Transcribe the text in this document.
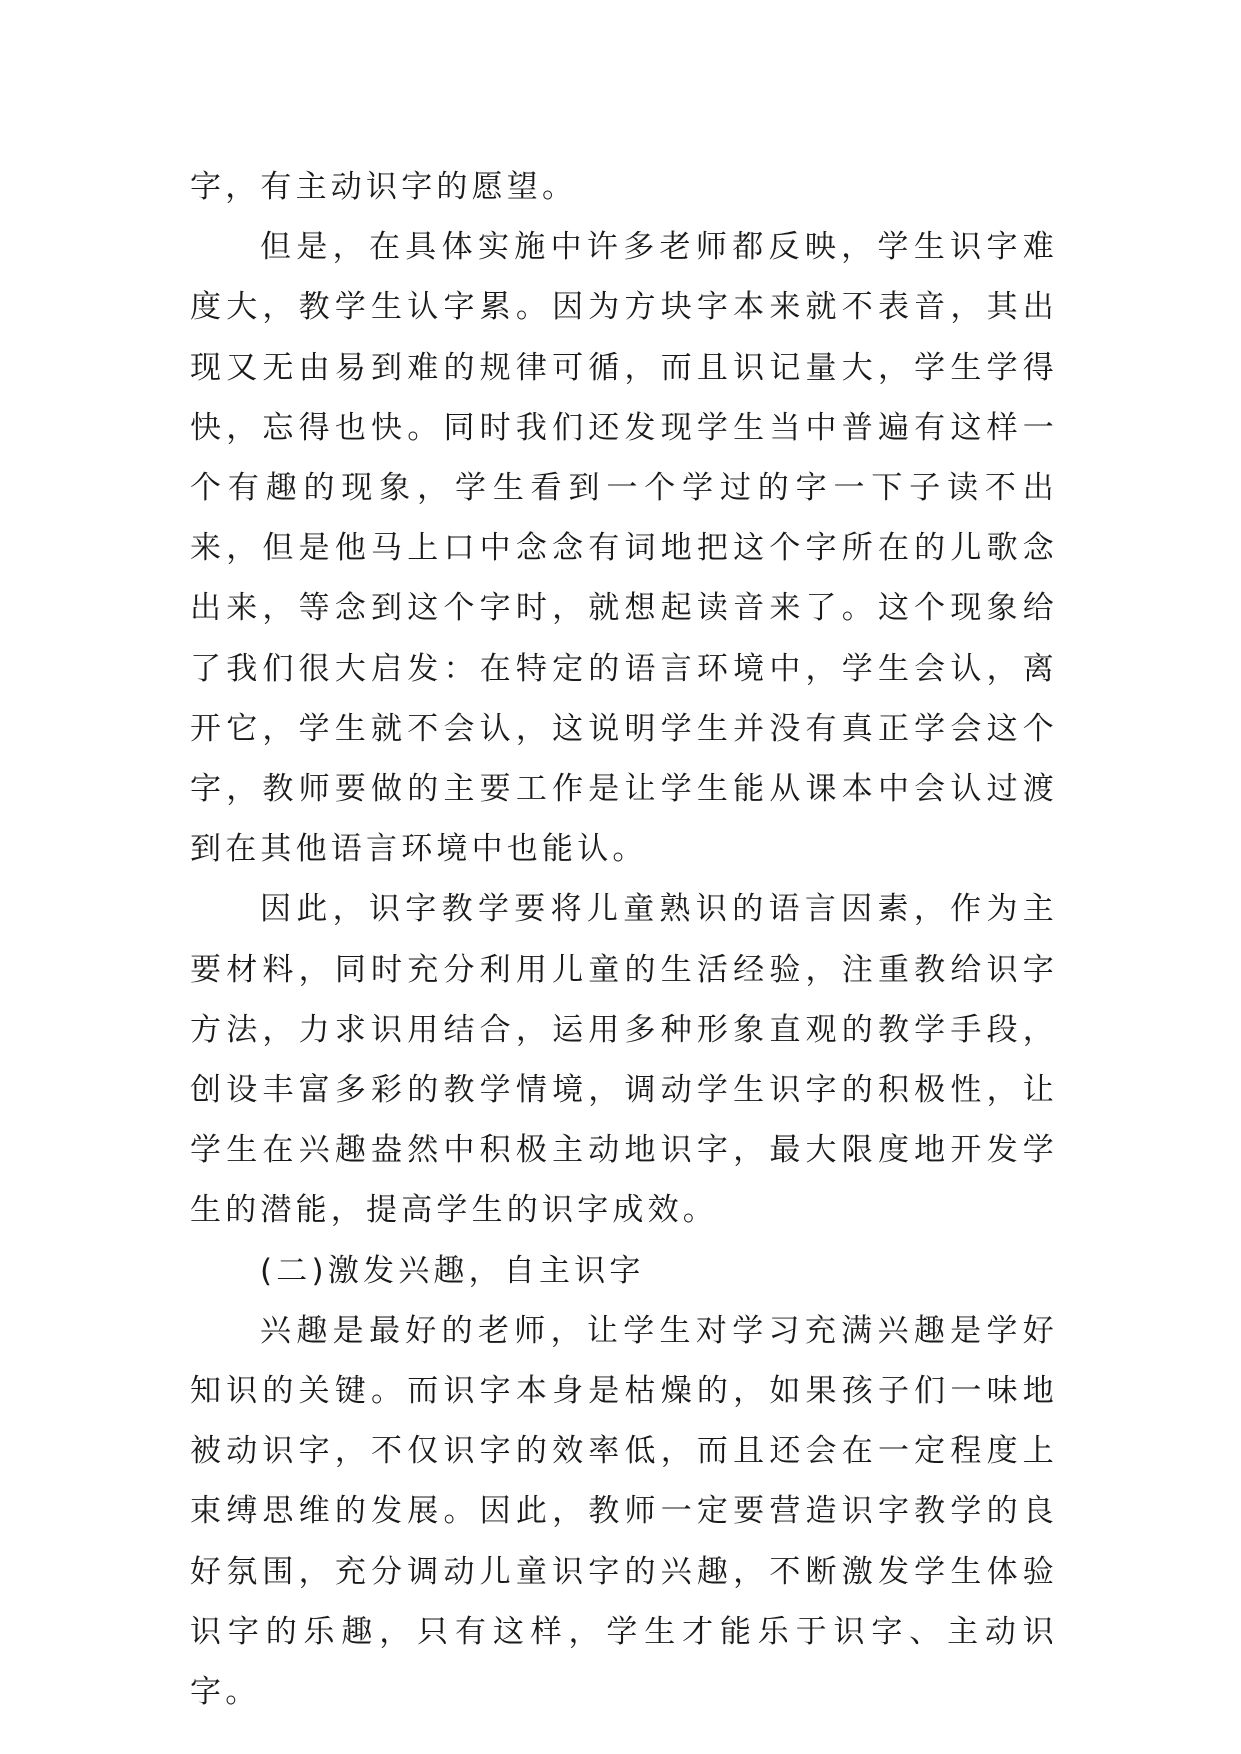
字，有主动识字的愿望。

但是，在具体实施中许多老师都反映，学生识字难度大，教学生认字累。因为方块字本来就不表音，其出现又无由易到难的规律可循，而且识记量大，学生学得快，忘得也快。同时我们还发现学生当中普遍有这样一个有趣的现象，学生看到一个学过的字一下子读不出来，但是他马上口中念念有词地把这个字所在的儿歌念出来，等念到这个字时，就想起读音来了。这个现象给了我们很大启发：在特定的语言环境中，学生会认，离开它，学生就不会认，这说明学生并没有真正学会这个字，教师要做的主要工作是让学生能从课本中会认过渡到在其他语言环境中也能认。

因此，识字教学要将儿童熟识的语言因素，作为主要材料，同时充分利用儿童的生活经验，注重教给识字方法，力求识用结合，运用多种形象直观的教学手段，创设丰富多彩的教学情境，调动学生识字的积极性，让学生在兴趣盎然中积极主动地识字，最大限度地开发学生的潜能，提高学生的识字成效。

(二)激发兴趣，自主识字

兴趣是最好的老师，让学生对学习充满兴趣是学好知识的关键。而识字本身是枯燥的，如果孩子们一味地被动识字，不仅识字的效率低，而且还会在一定程度上束缚思维的发展。因此，教师一定要营造识字教学的良好氛围，充分调动儿童识字的兴趣，不断激发学生体验识字的乐趣，只有这样，学生才能乐于识字、主动识字。
